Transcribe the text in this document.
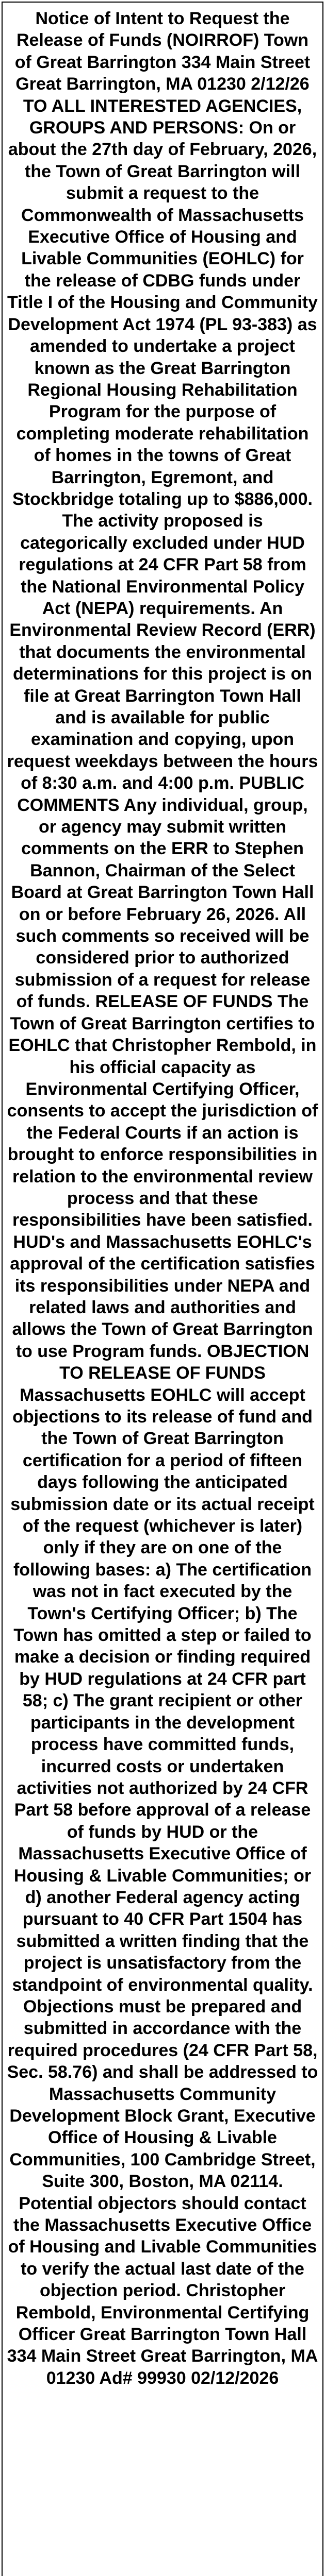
Notice of Intent to Request the Release of Funds (NOIRROF) Town of Great Barrington 334 Main Street Great Barrington, MA 01230 2/12/26 TO ALL INTERESTED AGENCIES, GROUPS AND PERSONS: On or about the 27th day of February, 2026, the Town of Great Barrington will submit a request to the Commonwealth of Massachusetts Executive Office of Housing and Livable Communities (EOHLC) for the release of CDBG funds under Title I of the Housing and Community Development Act 1974 (PL 93-383) as amended to undertake a project known as the Great Barrington Regional Housing Rehabilitation Program for the purpose of completing moderate rehabilitation of homes in the towns of Great Barrington, Egremont, and Stockbridge totaling up to $886,000. The activity proposed is categorically excluded under HUD regulations at 24 CFR Part 58 from the National Environmental Policy Act (NEPA) requirements. An Environmental Review Record (ERR) that documents the environmental determinations for this project is on file at Great Barrington Town Hall and is available for public examination and copying, upon request weekdays between the hours of 8:30 a.m. and 4:00 p.m. PUBLIC COMMENTS Any individual, group, or agency may submit written comments on the ERR to Stephen Bannon, Chairman of the Select Board at Great Barrington Town Hall on or before February 26, 2026. All such comments so received will be considered prior to authorized submission of a request for release of funds. RELEASE OF FUNDS The Town of Great Barrington certifies to EOHLC that Christopher Rembold, in his official capacity as Environmental Certifying Officer, consents to accept the jurisdiction of the Federal Courts if an action is brought to enforce responsibilities in relation to the environmental review process and that these responsibilities have been satisfied. HUD's and Massachusetts EOHLC's approval of the certification satisfies its responsibilities under NEPA and related laws and authorities and allows the Town of Great Barrington to use Program funds. OBJECTION TO RELEASE OF FUNDS Massachusetts EOHLC will accept objections to its release of fund and the Town of Great Barrington certification for a period of fifteen days following the anticipated submission date or its actual receipt of the request (whichever is later) only if they are on one of the following bases: a) The certification was not in fact executed by the Town's Certifying Officer; b) The Town has omitted a step or failed to make a decision or finding required by HUD regulations at 24 CFR part 58; c) The grant recipient or other participants in the development process have committed funds, incurred costs or undertaken activities not authorized by 24 CFR Part 58 before approval of a release of funds by HUD or the Massachusetts Executive Office of Housing & Livable Communities; or d) another Federal agency acting pursuant to 40 CFR Part 1504 has submitted a written finding that the project is unsatisfactory from the standpoint of environmental quality. Objections must be prepared and submitted in accordance with the required procedures (24 CFR Part 58, Sec. 58.76) and shall be addressed to Massachusetts Community Development Block Grant, Executive Office of Housing & Livable Communities, 100 Cambridge Street, Suite 300, Boston, MA 02114. Potential objectors should contact the Massachusetts Executive Office of Housing and Livable Communities to verify the actual last date of the objection period. Christopher Rembold, Environmental Certifying Officer Great Barrington Town Hall 334 Main Street Great Barrington, MA 01230 Ad# 99930 02/12/2026
